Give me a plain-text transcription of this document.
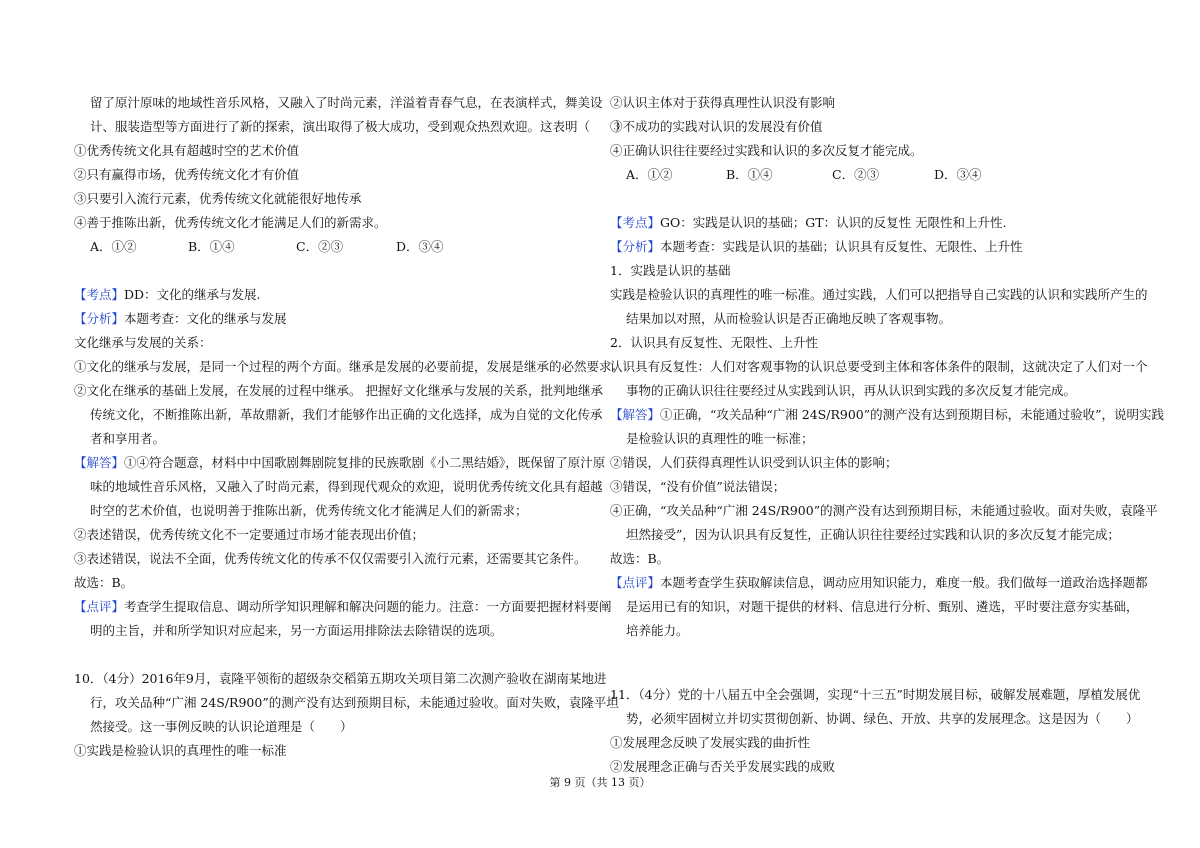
留了原汁原味的地域性音乐风格，又融入了时尚元素，洋溢着青春气息，在表演样式，舞美设
计、服装造型等方面进行了新的探索，演出取得了极大成功，受到观众热烈欢迎。这表明（　　）
①优秀传统文化具有超越时空的艺术价值
②只有赢得市场，优秀传统文化才有价值
③只要引入流行元素，优秀传统文化就能很好地传承
④善于推陈出新，优秀传统文化才能满足人们的新需求。
A．①②	B．①④	C．②③	D．③④
【考点】DD：文化的继承与发展.
【分析】本题考查：文化的继承与发展
文化继承与发展的关系：
①文化的继承与发展，是同一个过程的两个方面。继承是发展的必要前提，发展是继承的必然要求。
②文化在继承的基础上发展，在发展的过程中继承。 把握好文化继承与发展的关系，批判地继承
传统文化，不断推陈出新，革故鼎新，我们才能够作出正确的文化选择，成为自觉的文化传承
者和享用者。
【解答】①④符合题意，材料中中国歌剧舞剧院复排的民族歌剧《小二黑结婚》，既保留了原汁原
味的地域性音乐风格，又融入了时尚元素，得到现代观众的欢迎，说明优秀传统文化具有超越
时空的艺术价值，也说明善于推陈出新，优秀传统文化才能满足人们的新需求；
②表述错误，优秀传统文化不一定要通过市场才能表现出价值；
③表述错误，说法不全面，优秀传统文化的传承不仅仅需要引入流行元素，还需要其它条件。
故选：B。
【点评】考查学生提取信息、调动所学知识理解和解决问题的能力。注意：一方面要把握材料要阐
明的主旨，并和所学知识对应起来，另一方面运用排除法去除错误的选项。
10．（4分）2016年9月，袁隆平领衔的超级杂交稻第五期攻关项目第二次测产验收在湖南某地进
行，攻关品种“广湘 24S/R900”的测产没有达到预期目标，未能通过验收。面对失败，袁隆平坦
然接受。这一事例反映的认识论道理是（　　）
①实践是检验认识的真理性的唯一标准
②认识主体对于获得真理性认识没有影响
③不成功的实践对认识的发展没有价值
④正确认识往往要经过实践和认识的多次反复才能完成。
A．①②	B．①④	C．②③	D．③④
【考点】GO：实践是认识的基础；GT：认识的反复性 无限性和上升性.
【分析】本题考查：实践是认识的基础；认识具有反复性、无限性、上升性
1．实践是认识的基础
实践是检验认识的真理性的唯一标准。通过实践，人们可以把指导自己实践的认识和实践所产生的
结果加以对照，从而检验认识是否正确地反映了客观事物。
2．认识具有反复性、无限性、上升性
认识具有反复性：人们对客观事物的认识总要受到主体和客体条件的限制，这就决定了人们对一个
事物的正确认识往往要经过从实践到认识，再从认识到实践的多次反复才能完成。
【解答】①正确，“攻关品种“广湘 24S/R900”的测产没有达到预期目标，未能通过验收”，说明实践
是检验认识的真理性的唯一标准；
②错误，人们获得真理性认识受到认识主体的影响；
③错误，“没有价值”说法错误；
④正确，“攻关品种“广湘 24S/R900”的测产没有达到预期目标，未能通过验收。面对失败，袁隆平
坦然接受”，因为认识具有反复性，正确认识往往要经过实践和认识的多次反复才能完成；
故选：B。
【点评】本题考查学生获取解读信息，调动应用知识能力，难度一般。我们做每一道政治选择题都
是运用已有的知识，对题干提供的材料、信息进行分析、甄别、遴选，平时要注意夯实基础，
培养能力。
11．（4分）党的十八届五中全会强调，实现“十三五”时期发展目标，破解发展难题，厚植发展优
势，必须牢固树立并切实贯彻创新、协调、绿色、开放、共享的发展理念。这是因为（　　）
①发展理念反映了发展实践的曲折性
②发展理念正确与否关乎发展实践的成败
第 9 页（共 13 页）
